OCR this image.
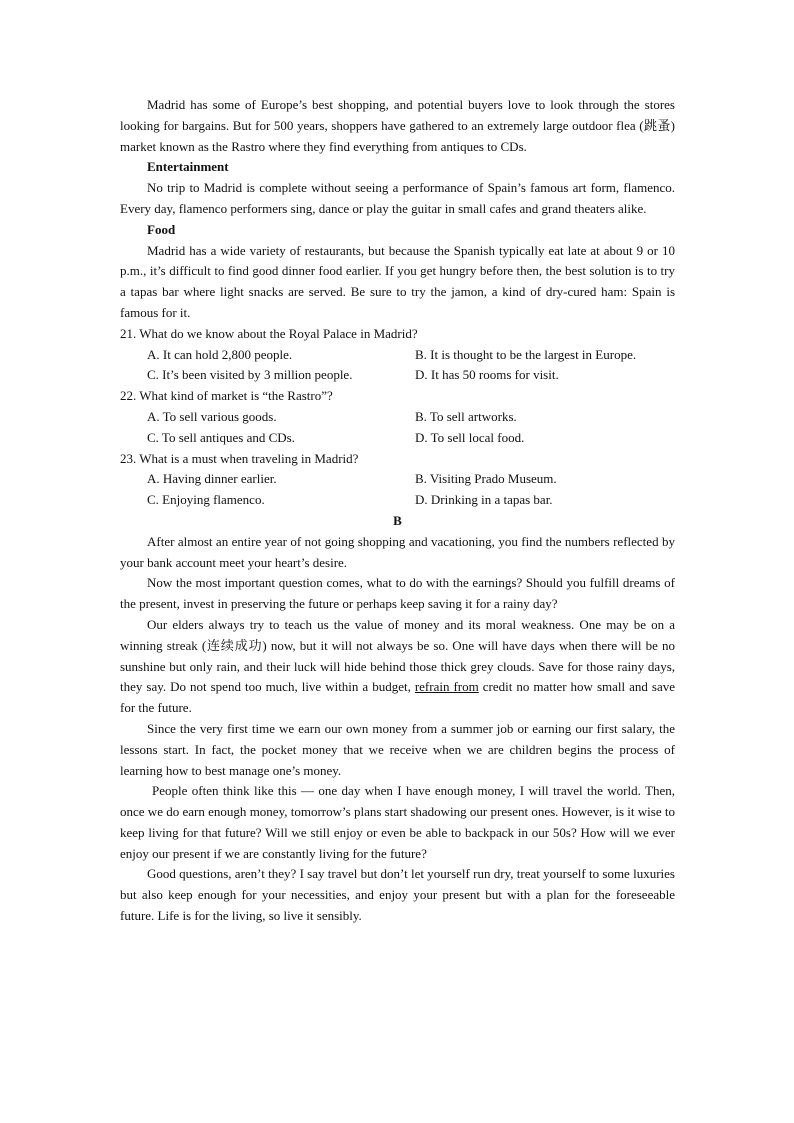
Madrid has some of Europe’s best shopping, and potential buyers love to look through the stores looking for bargains. But for 500 years, shoppers have gathered to an extremely large outdoor flea (跳蚤) market known as the Rastro where they find everything from antiques to CDs.

Entertainment

No trip to Madrid is complete without seeing a performance of Spain’s famous art form, flamenco. Every day, flamenco performers sing, dance or play the guitar in small cafes and grand theaters alike.

Food

Madrid has a wide variety of restaurants, but because the Spanish typically eat late at about 9 or 10 p.m., it’s difficult to find good dinner food earlier. If you get hungry before then, the best solution is to try a tapas bar where light snacks are served. Be sure to try the jamon, a kind of dry-cured ham: Spain is famous for it.

21. What do we know about the Royal Palace in Madrid?

A. It can hold 2,800 people.	B. It is thought to be the largest in Europe.
C. It’s been visited by 3 million people.	D. It has 50 rooms for visit.

22. What kind of market is “the Rastro”?

A. To sell various goods.	B. To sell artworks.
C. To sell antiques and CDs.	D. To sell local food.

23. What is a must when traveling in Madrid?

A. Having dinner earlier.	B. Visiting Prado Museum.
C. Enjoying flamenco.	D. Drinking in a tapas bar.

B

After almost an entire year of not going shopping and vacationing, you find the numbers reflected by your bank account meet your heart’s desire.

Now the most important question comes, what to do with the earnings? Should you fulfill dreams of the present, invest in preserving the future or perhaps keep saving it for a rainy day?

Our elders always try to teach us the value of money and its moral weakness. One may be on a winning streak (连续成功) now, but it will not always be so. One will have days when there will be no sunshine but only rain, and their luck will hide behind those thick grey clouds. Save for those rainy days, they say. Do not spend too much, live within a budget, refrain from credit no matter how small and save for the future.

Since the very first time we earn our own money from a summer job or earning our first salary, the lessons start. In fact, the pocket money that we receive when we are children begins the process of learning how to best manage one’s money.

People often think like this — one day when I have enough money, I will travel the world. Then, once we do earn enough money, tomorrow’s plans start shadowing our present ones. However, is it wise to keep living for that future? Will we still enjoy or even be able to backpack in our 50s? How will we ever enjoy our present if we are constantly living for the future?

Good questions, aren’t they? I say travel but don’t let yourself run dry, treat yourself to some luxuries but also keep enough for your necessities, and enjoy your present but with a plan for the foreseeable future. Life is for the living, so live it sensibly.
